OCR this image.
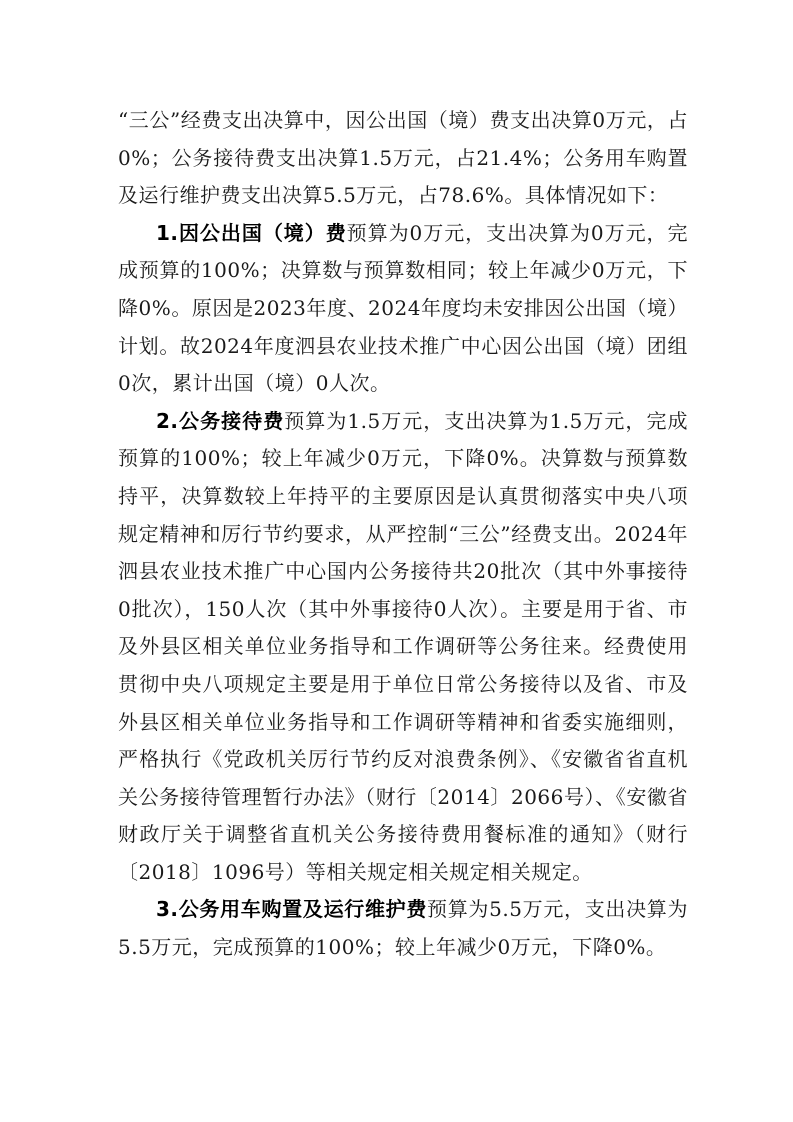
“三公”经费支出决算中，因公出国（境）费支出决算0万元，占0%；公务接待费支出决算1.5万元，占21.4%；公务用车购置及运行维护费支出决算5.5万元，占78.6%。具体情况如下：

1.因公出国（境）费预算为0万元，支出决算为0万元，完成预算的100%；决算数与预算数相同；较上年减少0万元，下降0%。原因是2023年度、2024年度均未安排因公出国（境）计划。故2024年度泗县农业技术推广中心因公出国（境）团组0次，累计出国（境）0人次。

2.公务接待费预算为1.5万元，支出决算为1.5万元，完成预算的100%；较上年减少0万元，下降0%。决算数与预算数持平，决算数较上年持平的主要原因是认真贯彻落实中央八项规定精神和厉行节约要求，从严控制“三公”经费支出。2024年泗县农业技术推广中心国内公务接待共20批次（其中外事接待0批次），150人次（其中外事接待0人次）。主要是用于省、市及外县区相关单位业务指导和工作调研等公务往来。经费使用贯彻中央八项规定主要是用于单位日常公务接待以及省、市及外县区相关单位业务指导和工作调研等精神和省委实施细则，严格执行《党政机关厉行节约反对浪费条例》、《安徽省省直机关公务接待管理暂行办法》（财行〔2014〕2066号）、《安徽省财政厅关于调整省直机关公务接待费用餐标准的通知》（财行〔2018〕1096号）等相关规定相关规定相关规定。

3.公务用车购置及运行维护费预算为5.5万元，支出决算为5.5万元，完成预算的100%；较上年减少0万元，下降0%。
